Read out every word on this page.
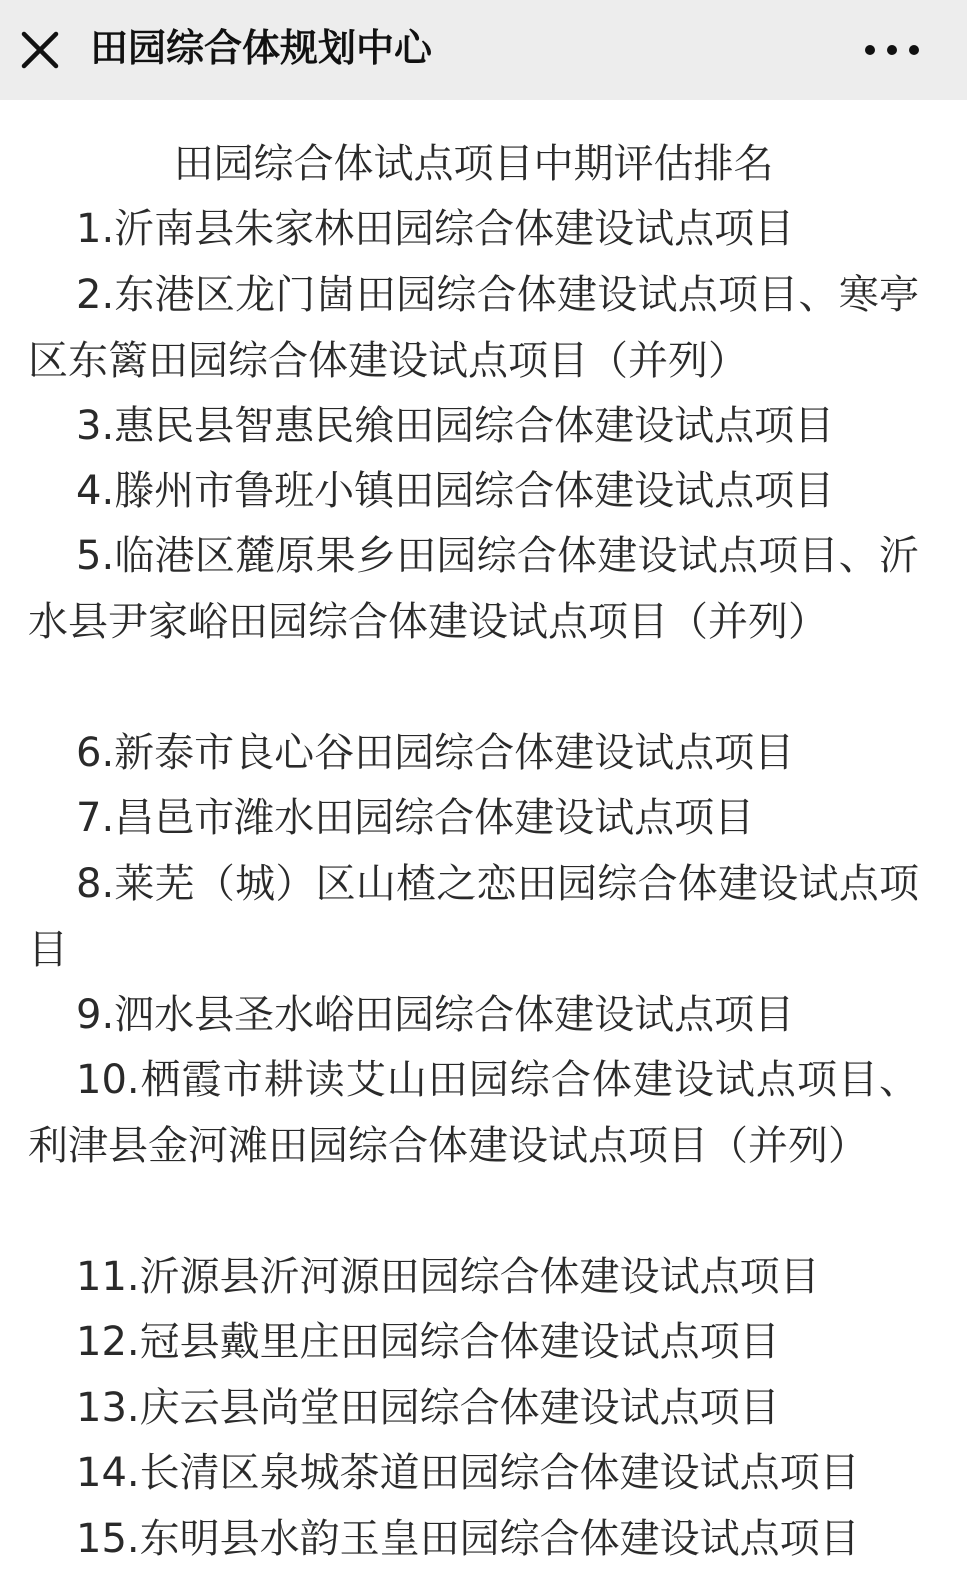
田园综合体规划中心
田园综合体试点项目中期评估排名
1.沂南县朱家林田园综合体建设试点项目
2.东港区龙门崮田园综合体建设试点项目、寒亭区东篱田园综合体建设试点项目（并列）
3.惠民县智惠民飨田园综合体建设试点项目
4.滕州市鲁班小镇田园综合体建设试点项目
5.临港区麓原果乡田园综合体建设试点项目、沂水县尹家峪田园综合体建设试点项目（并列）
6.新泰市良心谷田园综合体建设试点项目
7.昌邑市潍水田园综合体建设试点项目
8.莱芜（城）区山楂之恋田园综合体建设试点项目
9.泗水县圣水峪田园综合体建设试点项目
10.栖霞市耕读艾山田园综合体建设试点项目、利津县金河滩田园综合体建设试点项目（并列）
11.沂源县沂河源田园综合体建设试点项目
12.冠县戴里庄田园综合体建设试点项目
13.庆云县尚堂田园综合体建设试点项目
14.长清区泉城茶道田园综合体建设试点项目
15.东明县水韵玉皇田园综合体建设试点项目
